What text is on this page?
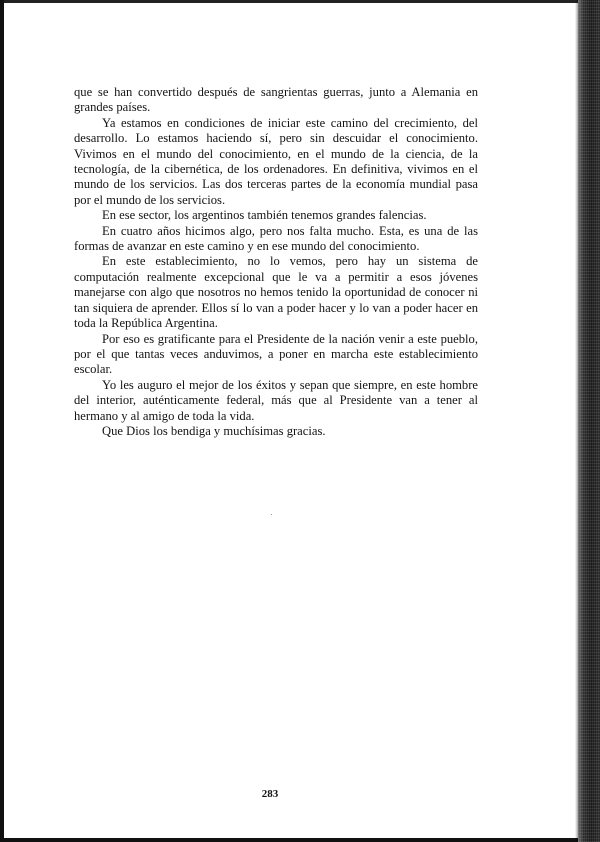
que se han convertido después de sangrientas guerras, junto a Alemania en grandes países.

Ya estamos en condiciones de iniciar este camino del crecimiento, del desarrollo. Lo estamos haciendo sí, pero sin descuidar el conocimiento. Vivimos en el mundo del conocimiento, en el mundo de la ciencia, de la tecnología, de la cibernética, de los ordenadores. En definitiva, vivimos en el mundo de los servicios. Las dos terceras partes de la economía mundial pasa por el mundo de los servicios.

En ese sector, los argentinos también tenemos grandes falencias.

En cuatro años hicimos algo, pero nos falta mucho. Esta, es una de las formas de avanzar en este camino y en ese mundo del conocimiento.

En este establecimiento, no lo vemos, pero hay un sistema de computación realmente excepcional que le va a permitir a esos jóvenes manejarse con algo que nosotros no hemos tenido la oportunidad de conocer ni tan siquiera de aprender. Ellos sí lo van a poder hacer y lo van a poder hacer en toda la República Argentina.

Por eso es gratificante para el Presidente de la nación venir a este pueblo, por el que tantas veces anduvimos, a poner en marcha este establecimiento escolar.

Yo les auguro el mejor de los éxitos y sepan que siempre, en este hombre del interior, auténticamente federal, más que al Presidente van a tener al hermano y al amigo de toda la vida.

Que Dios los bendiga y muchísimas gracias.

283
